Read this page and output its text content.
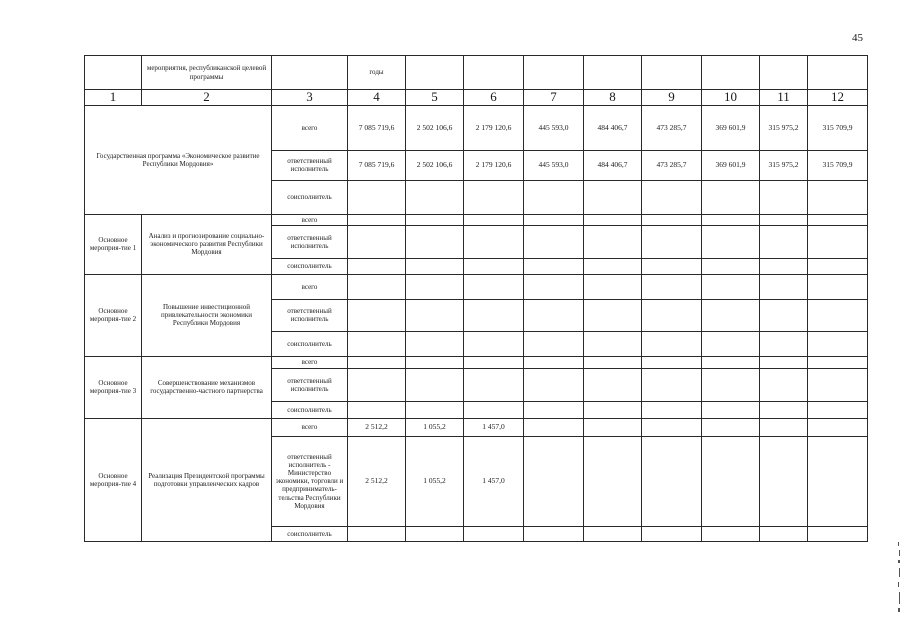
45
	мероприятия, республиканской целевой программы		годы								
1	2	3	4	5	6	7	8	9	10	11	12
Государственная программа «Экономическое развитие Республики Мордовия»		всего	7 085 719,6	2 502 106,6	2 179 120,6	445 593,0	484 406,7	473 285,7	369 601,9	315 975,2	315 709,9
		ответственный исполнитель	7 085 719,6	2 502 106,6	2 179 120,6	445 593,0	484 406,7	473 285,7	369 601,9	315 975,2	315 709,9
		соисполнитель									
Основное мероприя-тие 1	Анализ и прогнозирование социально-экономического развития Республики Мордовия	всего									
		ответственный исполнитель									
		соисполнитель									
Основное мероприя-тие 2	Повышение инвестиционной привлекательности экономики Республики Мордовия	всего									
		ответственный исполнитель									
		соисполнитель									
Основное мероприя-тие 3	Совершенствование механизмов государственно-частного партнерства	всего									
		ответственный исполнитель									
		соисполнитель									
Основное мероприя-тие 4	Реализация Президентской программы подготовки управленческих кадров	всего	2 512,2	1 055,2	1 457,0						
		ответственный исполнитель - Министерство экономики, торговли и предприниматель-тельства Республики Мордовия	2 512,2	1 055,2	1 457,0						
		соисполнитель									
